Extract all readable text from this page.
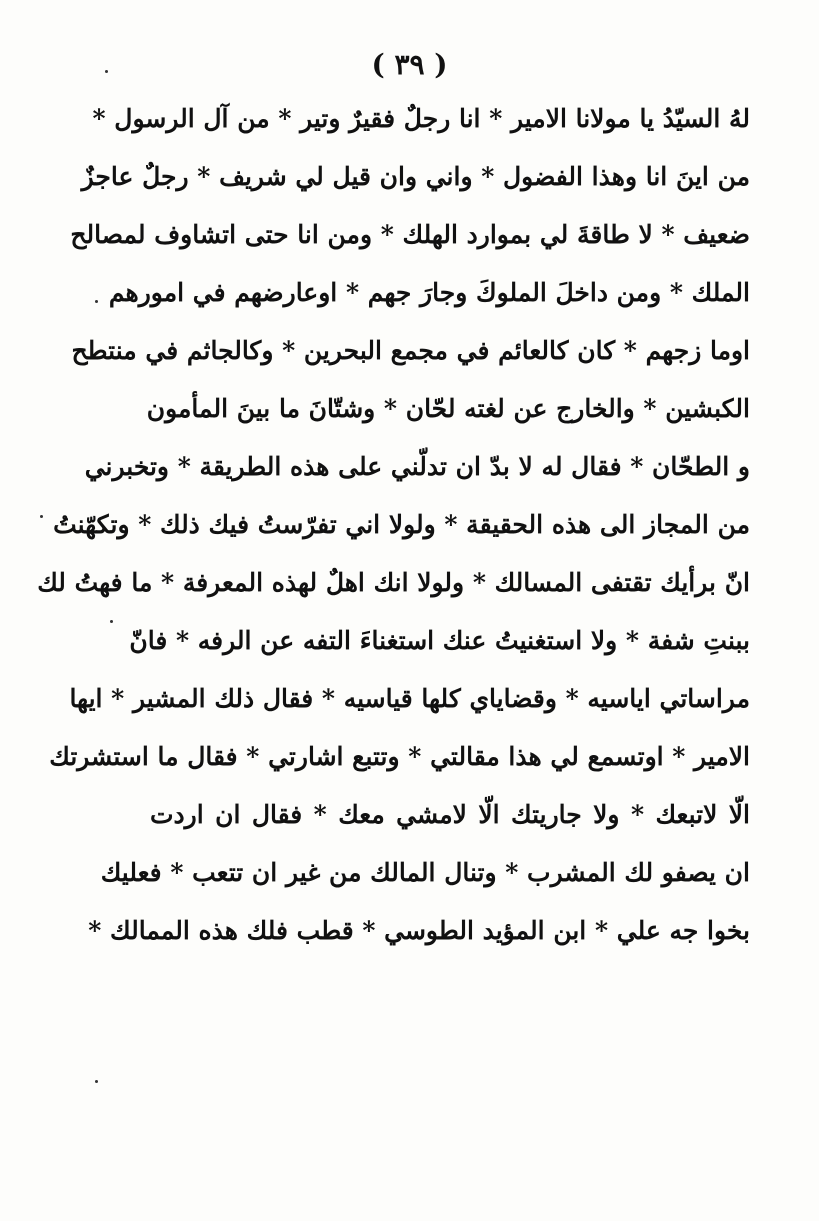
( ٣٩ )
لهُ السيّدُ يا مولانا الامير * انا رجلٌ فقيرٌ وتير * من آل الرسول *
من اينَ انا وهذا الفضول * واني وان قيل لي شريف * رجلٌ عاجزٌ
ضعيف * لا طاقةَ لي بموارد الهلك * ومن انا حتى اتشاوف لمصالح
الملك * ومن داخلَ الملوكَ وجارَ جهم * اوعارضهم في امورهم
اوما زجهم * كان كالعائم في مجمع البحرين * وكالجاثم في منتطح
الكبشين * والخارج عن لغته لحّان * وشتّانَ ما بينَ المأمون
و الطحّان * فقال له لا بدّ ان تدلّني على هذه الطريقة * وتخبرني
من المجاز الى هذه الحقيقة * ولولا اني تفرّستُ فيك ذلك * وتكهّنتُ
انّ برأيك تقتفى المسالك * ولولا انك اهلٌ لهذه المعرفة * ما فهتُ لك
ببنتِ شفة * ولا استغنيتُ عنك استغناءَ التفه عن الرفه * فانّ
مراساتي اياسيه * وقضاياي كلها قياسيه * فقال ذلك المشير * ايها
الامير * اوتسمع لي هذا مقالتي * وتتبع اشارتي * فقال ما استشرتك
الّا لاتبعك * ولا جاريتك الّا لامشي معك * فقال ان اردت
ان يصفو لك المشرب * وتنال المالك من غير ان تتعب * فعليك
بخوا جه علي * ابن المؤيد الطوسي * قطب فلك هذه الممالك *
